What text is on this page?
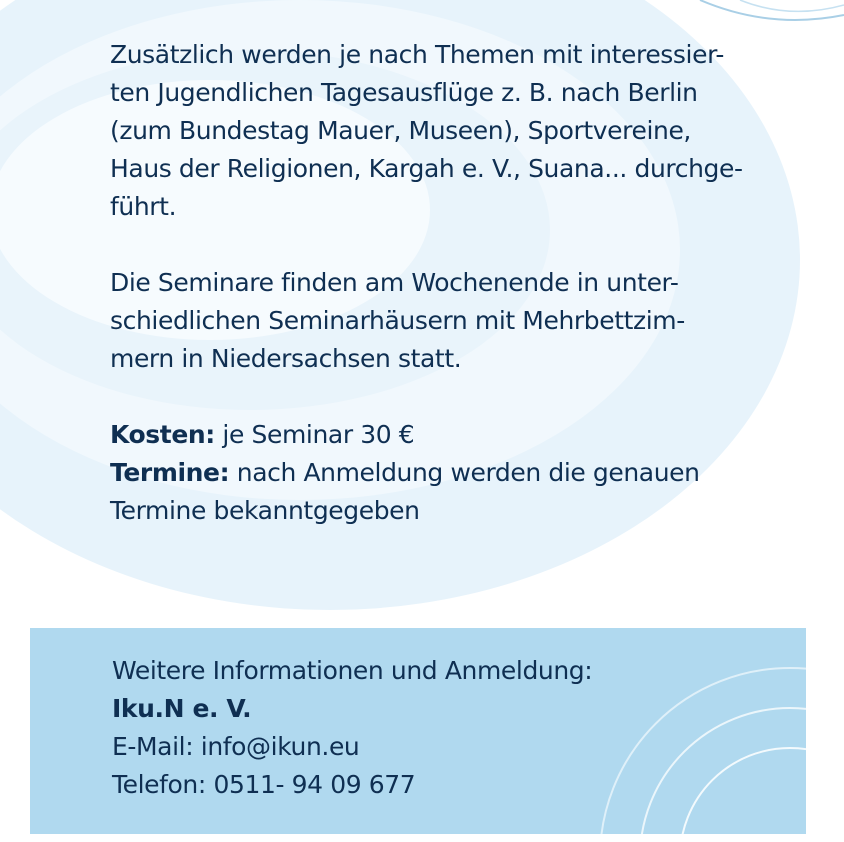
Zusätzlich werden je nach Themen mit interessier-
ten Jugendlichen Tagesausflüge z. B. nach Berlin
(zum Bundestag Mauer, Museen), Sportvereine,
Haus der Religionen, Kargah e. V., Suana... durchge-
führt.

Die Seminare finden am Wochenende in unter-
schiedlichen Seminarhäusern mit Mehrbettzim-
mern in Niedersachsen statt.

Kosten: je Seminar 30 €
Termine: nach Anmeldung werden die genauen
Termine bekanntgegeben

Weitere Informationen und Anmeldung:
Iku.N e. V.
E-Mail: info@ikun.eu
Telefon: 0511- 94 09 677
